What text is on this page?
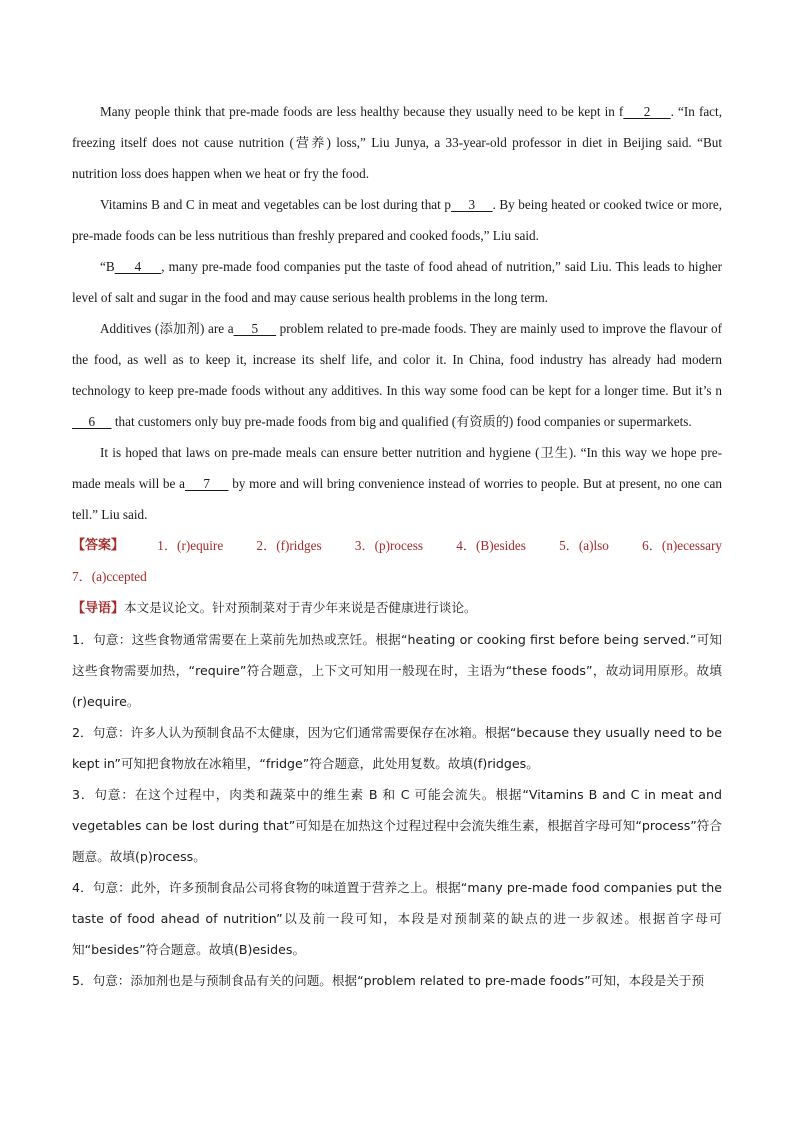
Many people think that pre-made foods are less healthy because they usually need to be kept in f     2     . “In fact, freezing itself does not cause nutrition (营养) loss,” Liu Junya, a 33-year-old professor in diet in Beijing said. “But nutrition loss does happen when we heat or fry the food.

Vitamins B and C in meat and vegetables can be lost during that p     3     . By being heated or cooked twice or more, pre-made foods can be less nutritious than freshly prepared and cooked foods,” Liu said.

“B     4     , many pre-made food companies put the taste of food ahead of nutrition,” said Liu. This leads to higher level of salt and sugar in the food and may cause serious health problems in the long term.

Additives (添加剂) are a     5      problem related to pre-made foods. They are mainly used to improve the flavour of the food, as well as to keep it, increase its shelf life, and color it. In China, food industry has already had modern technology to keep pre-made foods without any additives. In this way some food can be kept for a longer time. But it’s n     6      that customers only buy pre-made foods from big and qualified (有资质的) food companies or supermarkets.

It is hoped that laws on pre-made meals can ensure better nutrition and hygiene (卫生). “In this way we hope pre-made meals will be a     7      by more and will bring convenience instead of worries to people. But at present, no one can tell.” Liu said.

【答案】	1．(r)equire	2．(f)ridges	3．(p)rocess	4．(B)esides	5．(a)lso	6．(n)ecessary

7．(a)ccepted

【导语】本文是议论文。针对预制菜对于青少年来说是否健康进行谈论。

1．句意：这些食物通常需要在上菜前先加热或烹饪。根据“heating or cooking first before being served.”可知这些食物需要加热，“require”符合题意，上下文可知用一般现在时，主语为“these foods”，故动词用原形。故填(r)equire。

2．句意：许多人认为预制食品不太健康，因为它们通常需要保存在冰箱。根据“because they usually need to be kept in”可知把食物放在冰箱里，“fridge”符合题意，此处用复数。故填(f)ridges。

3．句意：在这个过程中，肉类和蔬菜中的维生素 B 和 C 可能会流失。根据“Vitamins B and C in meat and vegetables can be lost during that”可知是在加热这个过程过程中会流失维生素，根据首字母可知“process”符合题意。故填(p)rocess。

4．句意：此外，许多预制食品公司将食物的味道置于营养之上。根据“many pre-made food companies put the taste of food ahead of nutrition”以及前一段可知，本段是对预制菜的缺点的进一步叙述。根据首字母可知“besides”符合题意。故填(B)esides。

5．句意：添加剂也是与预制食品有关的问题。根据“problem related to pre-made foods”可知，本段是关于预
